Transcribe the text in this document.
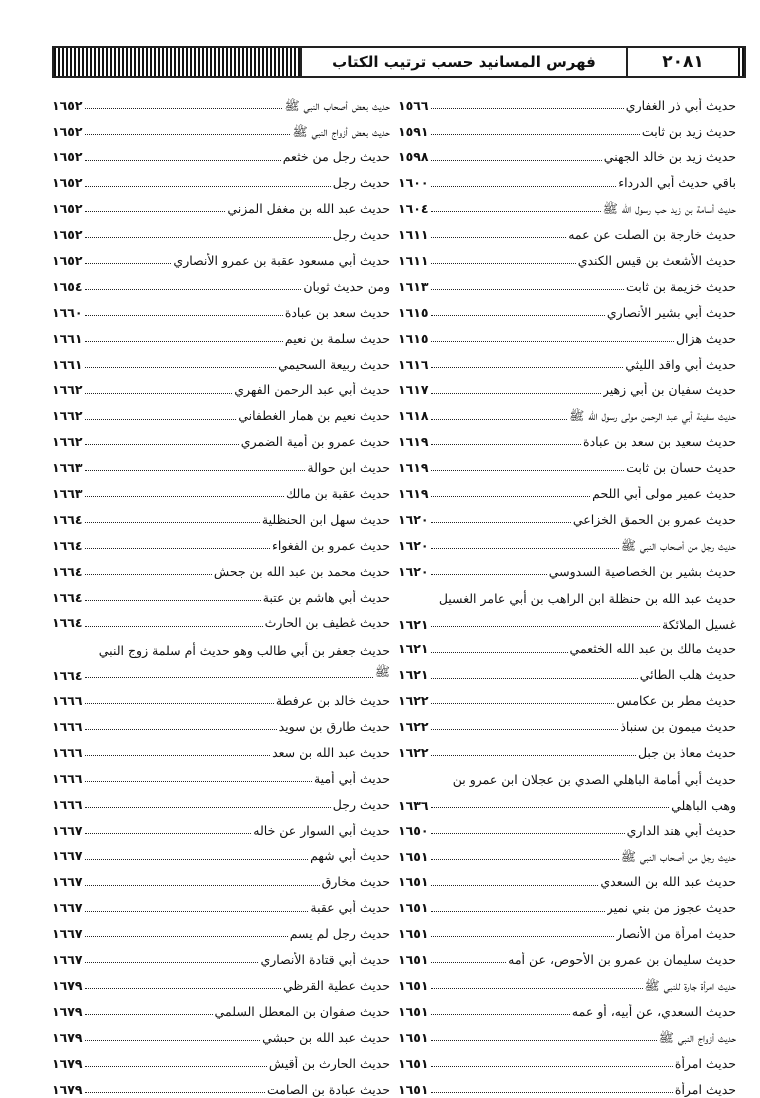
فهرس المسانيد حسب ترتيب الكتاب	٢٠٨١
حديث أبي ذر الغفاري
١٥٦٦
حديث زيد بن ثابت
١٥٩١
حديث زيد بن خالد الجهني
١٥٩٨
باقي حديث أبي الدرداء
١٦٠٠
حديث أسامة بن زيد حب رسول الله ﷺ
١٦٠٤
حديث خارجة بن الصلت عن عمه
١٦١١
حديث الأشعث بن قيس الكندي
١٦١١
حديث خزيمة بن ثابت
١٦١٣
حديث أبي بشير الأنصاري
١٦١٥
حديث هزال
١٦١٥
حديث أبي واقد الليثي
١٦١٦
حديث سفيان بن أبي زهير
١٦١٧
حديث سفينة أبي عبد الرحمن مولى رسول الله ﷺ
١٦١٨
حديث سعيد بن سعد بن عبادة
١٦١٩
حديث حسان بن ثابت
١٦١٩
حديث عمير مولى أبي اللحم
١٦١٩
حديث عمرو بن الحمق الخزاعي
١٦٢٠
حديث رجل من أصحاب النبي ﷺ
١٦٢٠
حديث بشير بن الخصاصية السدوسي
١٦٢٠
حديث عبد الله بن حنظلة ابن الراهب بن أبي عامر الغسيل
غسيل الملائكة
١٦٢١
حديث مالك بن عبد الله الخثعمي
١٦٢١
حديث هلب الطائي
١٦٢١
حديث مطر بن عكامس
١٦٢٢
حديث ميمون بن سنباذ
١٦٢٢
حديث معاذ بن جبل
١٦٢٢
حديث أبي أمامة الباهلي الصدي بن عجلان ابن عمرو بن
وهب الباهلي
١٦٣٦
حديث أبي هند الداري
١٦٥٠
حديث رجل من أصحاب النبي ﷺ
١٦٥١
حديث عبد الله بن السعدي
١٦٥١
حديث عجوز من بني نمير
١٦٥١
حديث امرأة من الأنصار
١٦٥١
حديث سليمان بن عمرو بن الأحوص، عن أمه
١٦٥١
حديث امرأة جارة للنبي ﷺ
١٦٥١
حديث السعدي، عن أبيه، أو عمه
١٦٥١
حديث أزواج النبي ﷺ
١٦٥١
حديث امرأة
١٦٥١
حديث امرأة
١٦٥١
حديث بعض أصحاب النبي ﷺ
١٦٥٢
حديث بعض أزواج النبي ﷺ
١٦٥٢
حديث رجل من خثعم
١٦٥٢
حديث رجل
١٦٥٢
حديث عبد الله بن مغفل المزني
١٦٥٢
حديث رجل
١٦٥٢
حديث أبي مسعود عقبة بن عمرو الأنصاري
١٦٥٢
ومن حديث ثوبان
١٦٥٤
حديث سعد بن عبادة
١٦٦٠
حديث سلمة بن نعيم
١٦٦١
حديث ربيعة السحيمي
١٦٦١
حديث أبي عبد الرحمن الفهري
١٦٦٢
حديث نعيم بن همار الغطفاني
١٦٦٢
حديث عمرو بن أمية الضمري
١٦٦٢
حديث ابن حوالة
١٦٦٣
حديث عقبة بن مالك
١٦٦٣
حديث سهل ابن الحنظلية
١٦٦٤
حديث عمرو بن الفغواء
١٦٦٤
حديث محمد بن عبد الله بن جحش
١٦٦٤
حديث أبي هاشم بن عتبة
١٦٦٤
حديث غطيف بن الحارث
١٦٦٤
حديث جعفر بن أبي طالب وهو حديث أم سلمة زوج النبي
ﷺ
١٦٦٤
حديث خالد بن عرفطة
١٦٦٦
حديث طارق بن سويد
١٦٦٦
حديث عبد الله بن سعد
١٦٦٦
حديث أبي أمية
١٦٦٦
حديث رجل
١٦٦٦
حديث أبي السوار عن خاله
١٦٦٧
حديث أبي شهم
١٦٦٧
حديث مخارق
١٦٦٧
حديث أبي عقبة
١٦٦٧
حديث رجل لم يسم
١٦٦٧
حديث أبي قتادة الأنصاري
١٦٦٧
حديث عطية القرظي
١٦٧٩
حديث صفوان بن المعطل السلمي
١٦٧٩
حديث عبد الله بن حبشي
١٦٧٩
حديث الحارث بن أقيش
١٦٧٩
حديث عبادة بن الصامت
١٦٧٩
